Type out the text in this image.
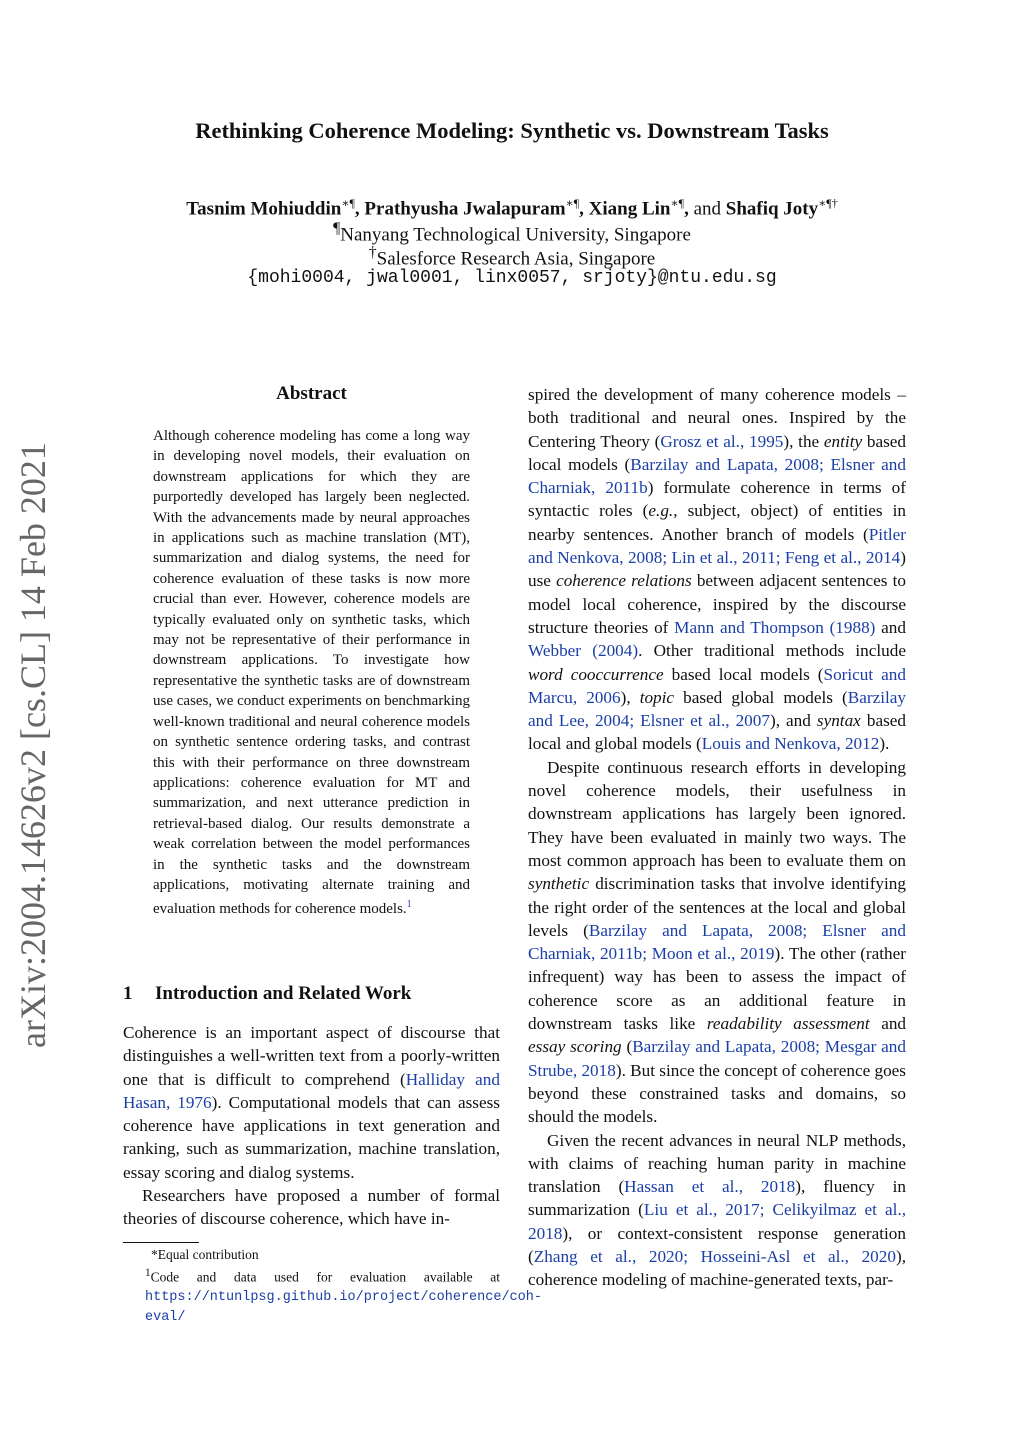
Rethinking Coherence Modeling: Synthetic vs. Downstream Tasks
Tasnim Mohiuddin∗¶, Prathyusha Jwalapuram∗¶, Xiang Lin∗¶, and Shafiq Joty∗¶†
¶Nanyang Technological University, Singapore
†Salesforce Research Asia, Singapore
{mohi0004, jwal0001, linx0057, srjoty}@ntu.edu.sg
arXiv:2004.14626v2 [cs.CL] 14 Feb 2021
Abstract
Although coherence modeling has come a long way in developing novel models, their evaluation on downstream applications for which they are purportedly developed has largely been neglected. With the advancements made by neural approaches in applications such as machine translation (MT), summarization and dialog systems, the need for coherence evaluation of these tasks is now more crucial than ever. However, coherence models are typically evaluated only on synthetic tasks, which may not be representative of their performance in downstream applications. To investigate how representative the synthetic tasks are of downstream use cases, we conduct experiments on benchmarking well-known traditional and neural coherence models on synthetic sentence ordering tasks, and contrast this with their performance on three downstream applications: coherence evaluation for MT and summarization, and next utterance prediction in retrieval-based dialog. Our results demonstrate a weak correlation between the model performances in the synthetic tasks and the downstream applications, motivating alternate training and evaluation methods for coherence models.$^1$
1 Introduction and Related Work

Coherence is an important aspect of discourse that distinguishes a well-written text from a poorly-written one that is difficult to comprehend (Halliday and Hasan, 1976). Computational models that can assess coherence have applications in text generation and ranking, such as summarization, machine translation, essay scoring and dialog systems.

Researchers have proposed a number of formal theories of discourse coherence, which have in-

*Equal contribution
$^1$Code and data used for evaluation available at https://ntunlpsg.github.io/project/coherence/coh-eval/

spired the development of many coherence models – both traditional and neural ones. Inspired by the Centering Theory (Grosz et al., 1995), the entity based local models (Barzilay and Lapata, 2008; Elsner and Charniak, 2011b) formulate coherence in terms of syntactic roles (e.g., subject, object) of entities in nearby sentences. Another branch of models (Pitler and Nenkova, 2008; Lin et al., 2011; Feng et al., 2014) use coherence relations between adjacent sentences to model local coherence, inspired by the discourse structure theories of Mann and Thompson (1988) and Webber (2004). Other traditional methods include word cooccurrence based local models (Soricut and Marcu, 2006), topic based global models (Barzilay and Lee, 2004; Elsner et al., 2007), and syntax based local and global models (Louis and Nenkova, 2012).

Despite continuous research efforts in developing novel coherence models, their usefulness in downstream applications has largely been ignored. They have been evaluated in mainly two ways. The most common approach has been to evaluate them on synthetic discrimination tasks that involve identifying the right order of the sentences at the local and global levels (Barzilay and Lapata, 2008; Elsner and Charniak, 2011b; Moon et al., 2019). The other (rather infrequent) way has been to assess the impact of coherence score as an additional feature in downstream tasks like readability assessment and essay scoring (Barzilay and Lapata, 2008; Mesgar and Strube, 2018). But since the concept of coherence goes beyond these constrained tasks and domains, so should the models.

Given the recent advances in neural NLP methods, with claims of reaching human parity in machine translation (Hassan et al., 2018), fluency in summarization (Liu et al., 2017; Celikyilmaz et al., 2018), or context-consistent response generation (Zhang et al., 2020; Hosseini-Asl et al., 2020), coherence modeling of machine-generated texts, par-
